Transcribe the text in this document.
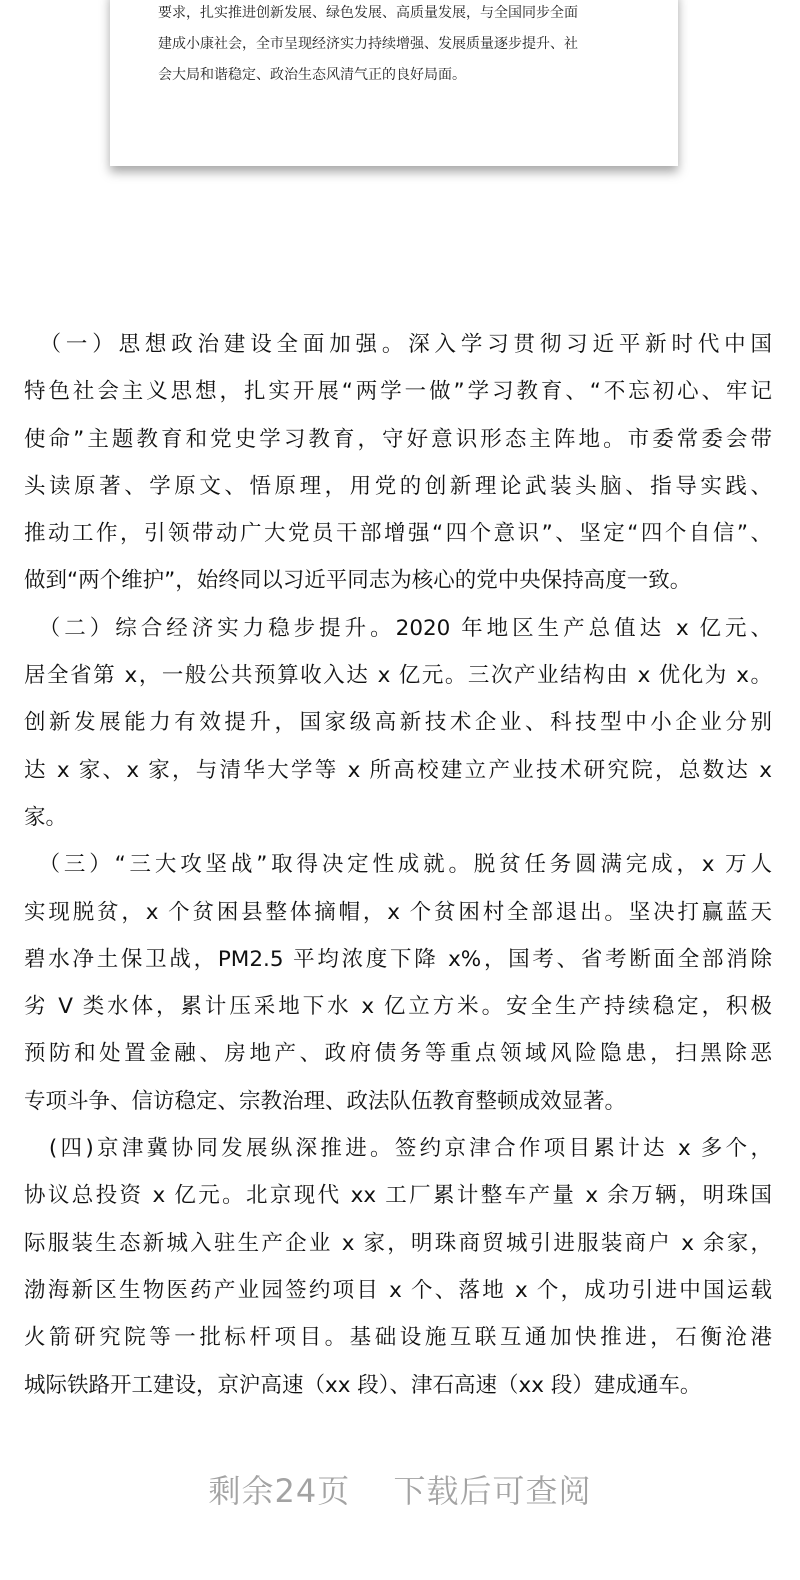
要求，扎实推进创新发展、绿色发展、高质量发展，与全国同步全面
建成小康社会，全市呈现经济实力持续增强、发展质量逐步提升、社
会大局和谐稳定、政治生态风清气正的良好局面。
　（一）思想政治建设全面加强。深入学习贯彻习近平新时代中国
特色社会主义思想，扎实开展“两学一做”学习教育、“不忘初心、牢记
使命”主题教育和党史学习教育，守好意识形态主阵地。市委常委会带
头读原著、学原文、悟原理，用党的创新理论武装头脑、指导实践、
推动工作，引领带动广大党员干部增强“四个意识”、坚定“四个自信”、
做到“两个维护”，始终同以习近平同志为核心的党中央保持高度一致。
　（二）综合经济实力稳步提升。2020 年地区生产总值达 x 亿元、
居全省第 x，一般公共预算收入达 x 亿元。三次产业结构由 x 优化为 x。
创新发展能力有效提升，国家级高新技术企业、科技型中小企业分别
达 x 家、x 家，与清华大学等 x 所高校建立产业技术研究院，总数达 x
家。
　（三）“三大攻坚战”取得决定性成就。脱贫任务圆满完成，x 万人
实现脱贫，x 个贫困县整体摘帽，x 个贫困村全部退出。坚决打赢蓝天
碧水净土保卫战，PM2.5 平均浓度下降 x%，国考、省考断面全部消除
劣 V 类水体，累计压采地下水 x 亿立方米。安全生产持续稳定，积极
预防和处置金融、房地产、政府债务等重点领域风险隐患，扫黑除恶
专项斗争、信访稳定、宗教治理、政法队伍教育整顿成效显著。
　(四)京津冀协同发展纵深推进。签约京津合作项目累计达 x 多个，
协议总投资 x 亿元。北京现代 xx 工厂累计整车产量 x 余万辆，明珠国
际服装生态新城入驻生产企业 x 家，明珠商贸城引进服装商户 x 余家，
渤海新区生物医药产业园签约项目 x 个、落地 x 个，成功引进中国运载
火箭研究院等一批标杆项目。基础设施互联互通加快推进，石衡沧港
城际铁路开工建设，京沪高速（xx 段）、津石高速（xx 段）建成通车。
剩余24页 下载后可查阅
